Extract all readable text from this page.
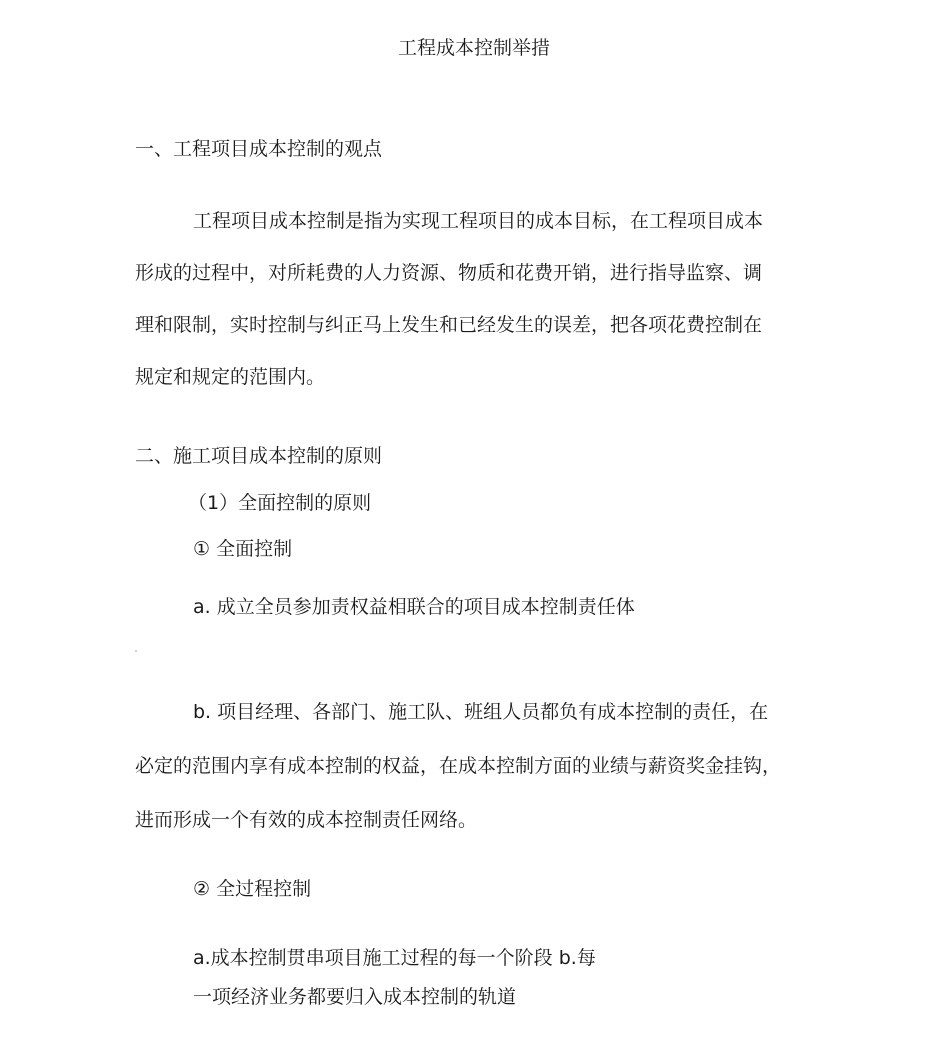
工程成本控制举措

一、工程项目成本控制的观点

工程项目成本控制是指为实现工程项目的成本目标，在工程项目成本

形成的过程中，对所耗费的人力资源、物质和花费开销，进行指导监察、调

理和限制，实时控制与纠正马上发生和已经发生的误差，把各项花费控制在

规定和规定的范围内。

二、施工项目成本控制的原则

（1）全面控制的原则

① 全面控制

a. 成立全员参加责权益相联合的项目成本控制责任体

b. 项目经理、各部门、施工队、班组人员都负有成本控制的责任，在

必定的范围内享有成本控制的权益，在成本控制方面的业绩与薪资奖金挂钩，

进而形成一个有效的成本控制责任网络。

② 全过程控制

a.成本控制贯串项目施工过程的每一个阶段 b.每

一项经济业务都要归入成本控制的轨道
